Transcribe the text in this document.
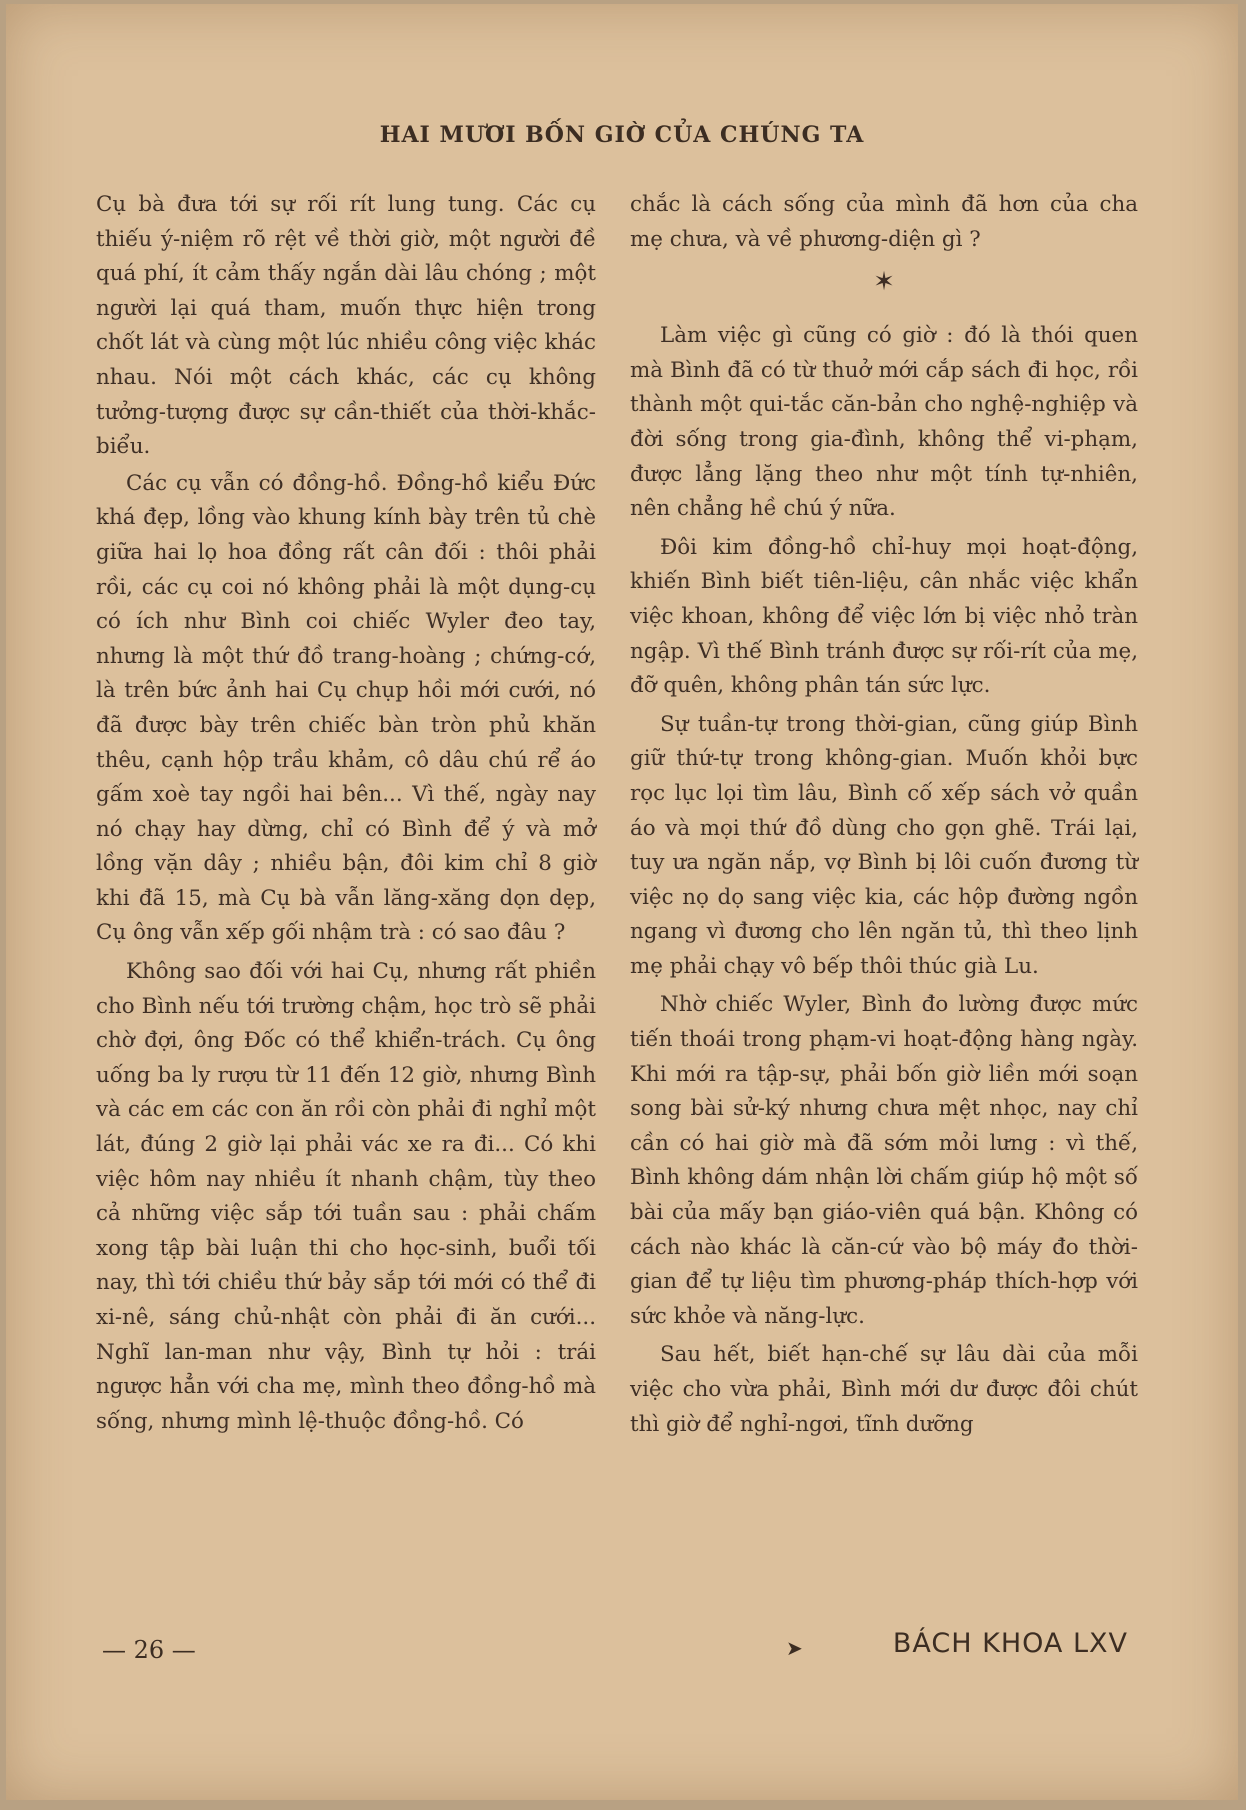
HAI MƯƠI BỐN GIỜ CỦA CHÚNG TA

Cụ bà đưa tới sự rối rít lung tung. Các cụ thiếu ý-niệm rõ rệt về thời giờ, một người đề quá phí, ít cảm thấy ngắn dài lâu chóng ; một người lại quá tham, muốn thực hiện trong chốt lát và cùng một lúc nhiều công việc khác nhau. Nói một cách khác, các cụ không tưởng-tượng được sự cần-thiết của thời-khắc-biểu.

Các cụ vẫn có đồng-hồ. Đồng-hồ kiểu Đức khá đẹp, lồng vào khung kính bày trên tủ chè giữa hai lọ hoa đồng rất cân đối : thôi phải rồi, các cụ coi nó không phải là một dụng-cụ có ích như Bình coi chiếc Wyler đeo tay, nhưng là một thứ đồ trang-hoàng ; chứng-cớ, là trên bức ảnh hai Cụ chụp hồi mới cưới, nó đã được bày trên chiếc bàn tròn phủ khăn thêu, cạnh hộp trầu khảm, cô dâu chú rể áo gấm xoè tay ngồi hai bên... Vì thế, ngày nay nó chạy hay dừng, chỉ có Bình để ý và mở lồng vặn dây ; nhiều bận, đôi kim chỉ 8 giờ khi đã 15, mà Cụ bà vẫn lăng-xăng dọn dẹp, Cụ ông vẫn xếp gối nhậm trà : có sao đâu ?

Không sao đối với hai Cụ, nhưng rất phiền cho Bình nếu tới trường chậm, học trò sẽ phải chờ đợi, ông Đốc có thể khiển-trách. Cụ ông uống ba ly rượu từ 11 đến 12 giờ, nhưng Bình và các em các con ăn rồi còn phải đi nghỉ một lát, đúng 2 giờ lại phải vác xe ra đi... Có khi việc hôm nay nhiều ít nhanh chậm, tùy theo cả những việc sắp tới tuần sau : phải chấm xong tập bài luận thi cho học-sinh, buổi tối nay, thì tới chiều thứ bảy sắp tới mới có thể đi xi-nê, sáng chủ-nhật còn phải đi ăn cưới... Nghĩ lan-man như vậy, Bình tự hỏi : trái ngược hẳn với cha mẹ, mình theo đồng-hồ mà sống, nhưng mình lệ-thuộc đồng-hồ. Có

chắc là cách sống của mình đã hơn của cha mẹ chưa, và về phương-diện gì ?

✶

Làm việc gì cũng có giờ : đó là thói quen mà Bình đã có từ thuở mới cắp sách đi học, rồi thành một qui-tắc căn-bản cho nghệ-nghiệp và đời sống trong gia-đình, không thể vi-phạm, được lẳng lặng theo như một tính tự-nhiên, nên chẳng hề chú ý nữa.

Đôi kim đồng-hồ chỉ-huy mọi hoạt-động, khiến Bình biết tiên-liệu, cân nhắc việc khẩn việc khoan, không để việc lớn bị việc nhỏ tràn ngập. Vì thế Bình tránh được sự rối-rít của mẹ, đỡ quên, không phân tán sức lực.

Sự tuần-tự trong thời-gian, cũng giúp Bình giữ thứ-tự trong không-gian. Muốn khỏi bực rọc lục lọi tìm lâu, Bình cố xếp sách vở quần áo và mọi thứ đồ dùng cho gọn ghẽ. Trái lại, tuy ưa ngăn nắp, vợ Bình bị lôi cuốn đương từ việc nọ dọ sang việc kia, các hộp đường ngồn ngang vì đương cho lên ngăn tủ, thì theo lịnh mẹ phải chạy vô bếp thôi thúc già Lu.

Nhờ chiếc Wyler, Bình đo lường được mức tiến thoái trong phạm-vi hoạt-động hàng ngày. Khi mới ra tập-sự, phải bốn giờ liền mới soạn song bài sử-ký nhưng chưa mệt nhọc, nay chỉ cần có hai giờ mà đã sớm mỏi lưng : vì thế, Bình không dám nhận lời chấm giúp hộ một số bài của mấy bạn giáo-viên quá bận. Không có cách nào khác là căn-cứ vào bộ máy đo thời-gian để tự liệu tìm phương-pháp thích-hợp với sức khỏe và năng-lực.

Sau hết, biết hạn-chế sự lâu dài của mỗi việc cho vừa phải, Bình mới dư được đôi chút thì giờ để nghỉ-ngơi, tĩnh dưỡng

— 26 —	➤	BÁCH KHOA LXV
